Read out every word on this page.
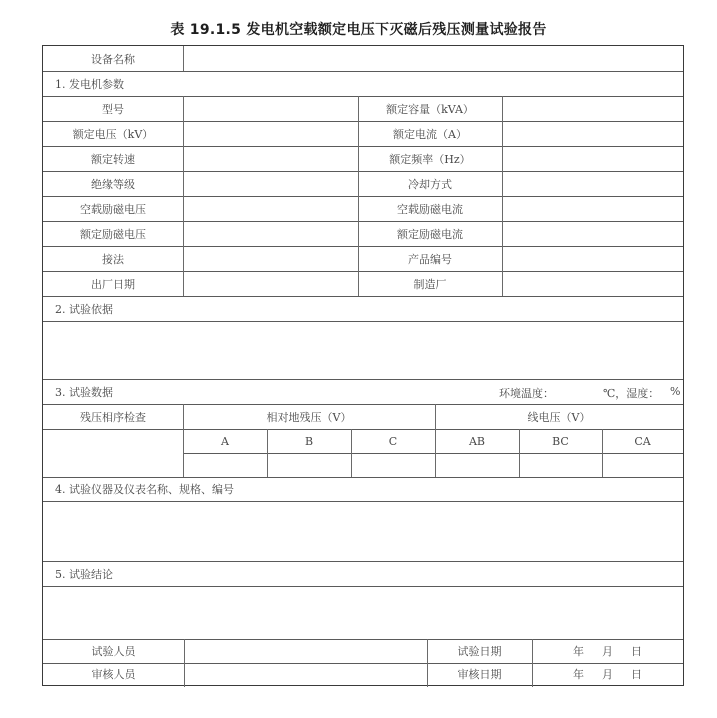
表 19.1.5 发电机空载额定电压下灭磁后残压测量试验报告
设备名称
1. 发电机参数
型号	额定容量（kVA）
额定电压（kV）	额定电流（A）
额定转速	额定频率（Hz）
绝缘等级	冷却方式
空载励磁电压	空载励磁电流
额定励磁电压	额定励磁电流
接法	产品编号
出厂日期	制造厂
2. 试验依据
3. 试验数据	环境温度：	℃，湿度： %
残压相序检查	相对地残压（V）	线电压（V）
A	B	C	AB	BC	CA
4. 试验仪器及仪表名称、规格、编号
5. 试验结论
试验人员	试验日期	年 月 日
审核人员	审核日期	年 月 日
